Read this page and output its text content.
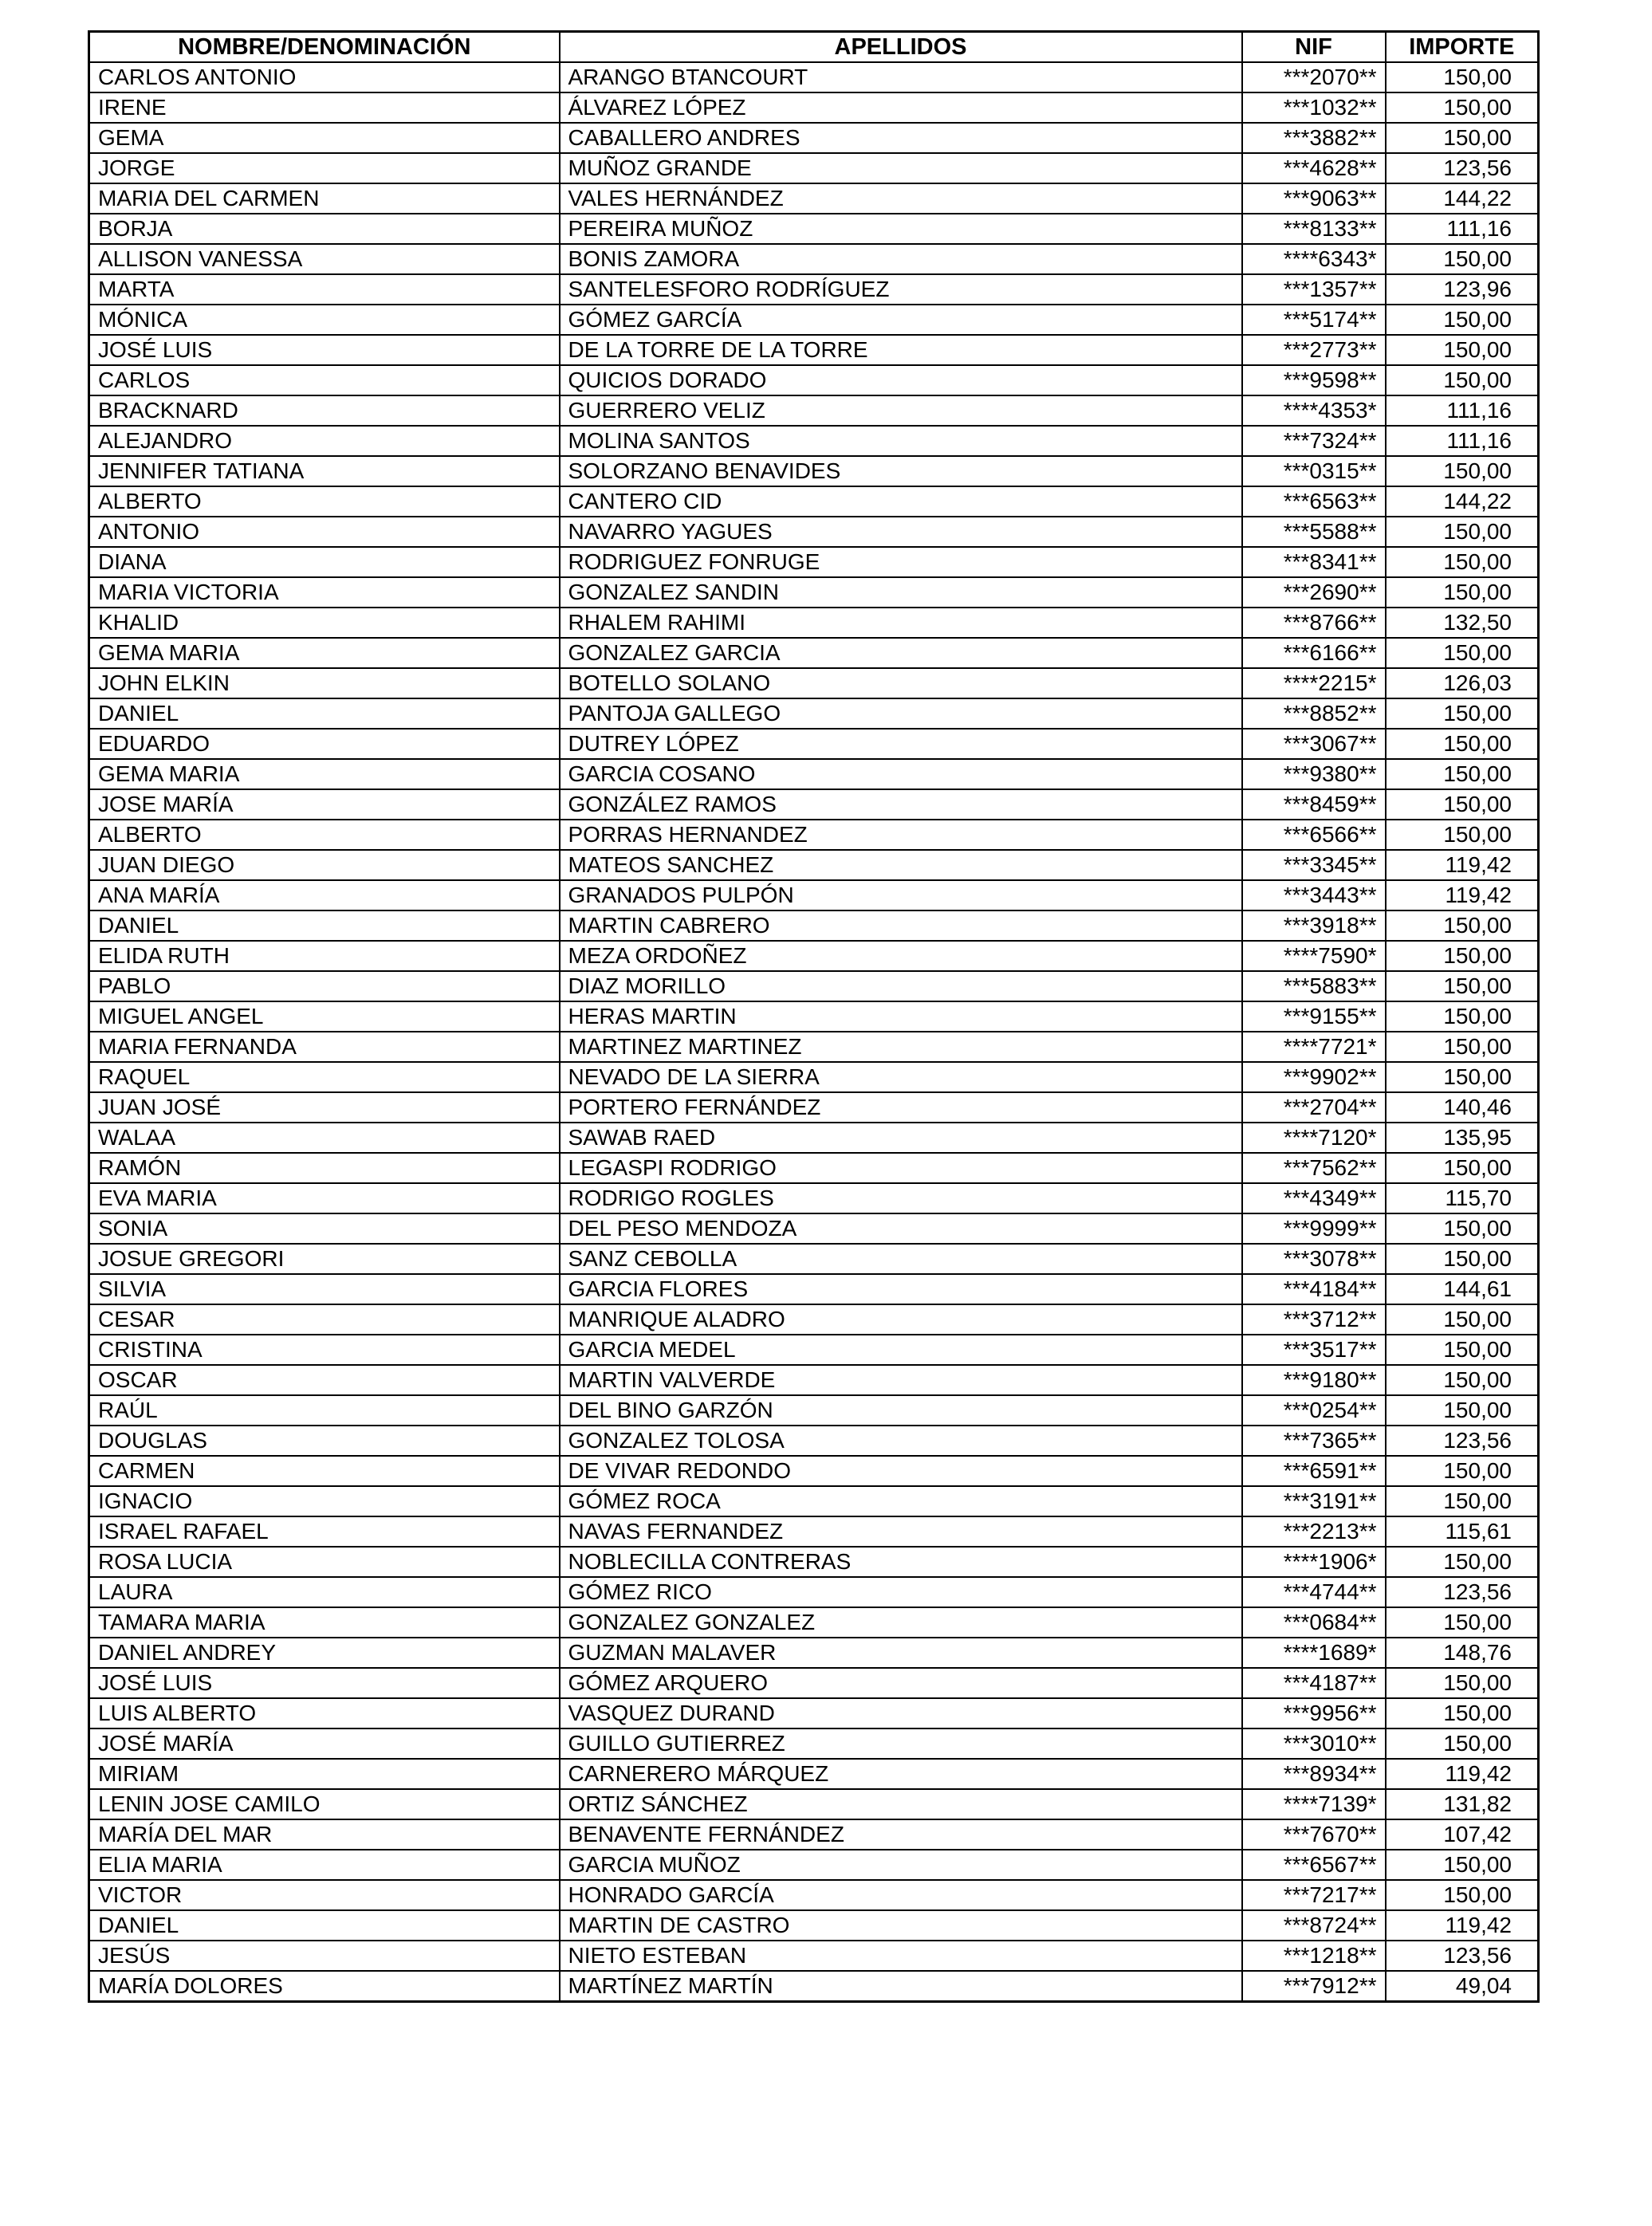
NOMBRE/DENOMINACIÓN	APELLIDOS	NIF	IMPORTE
CARLOS ANTONIO	ARANGO BTANCOURT	***2070**	150,00
IRENE	ÁLVAREZ LÓPEZ	***1032**	150,00
GEMA	CABALLERO ANDRES	***3882**	150,00
JORGE	MUÑOZ GRANDE	***4628**	123,56
MARIA DEL CARMEN	VALES HERNÁNDEZ	***9063**	144,22
BORJA	PEREIRA MUÑOZ	***8133**	111,16
ALLISON VANESSA	BONIS ZAMORA	****6343*	150,00
MARTA	SANTELESFORO RODRÍGUEZ	***1357**	123,96
MÓNICA	GÓMEZ GARCÍA	***5174**	150,00
JOSÉ LUIS	DE LA TORRE DE LA TORRE	***2773**	150,00
CARLOS	QUICIOS DORADO	***9598**	150,00
BRACKNARD	GUERRERO VELIZ	****4353*	111,16
ALEJANDRO	MOLINA SANTOS	***7324**	111,16
JENNIFER TATIANA	SOLORZANO BENAVIDES	***0315**	150,00
ALBERTO	CANTERO CID	***6563**	144,22
ANTONIO	NAVARRO YAGUES	***5588**	150,00
DIANA	RODRIGUEZ FONRUGE	***8341**	150,00
MARIA VICTORIA	GONZALEZ SANDIN	***2690**	150,00
KHALID	RHALEM RAHIMI	***8766**	132,50
GEMA MARIA	GONZALEZ GARCIA	***6166**	150,00
JOHN ELKIN	BOTELLO SOLANO	****2215*	126,03
DANIEL	PANTOJA GALLEGO	***8852**	150,00
EDUARDO	DUTREY LÓPEZ	***3067**	150,00
GEMA MARIA	GARCIA COSANO	***9380**	150,00
JOSE MARÍA	GONZÁLEZ RAMOS	***8459**	150,00
ALBERTO	PORRAS HERNANDEZ	***6566**	150,00
JUAN DIEGO	MATEOS SANCHEZ	***3345**	119,42
ANA MARÍA	GRANADOS PULPÓN	***3443**	119,42
DANIEL	MARTIN CABRERO	***3918**	150,00
ELIDA RUTH	MEZA ORDOÑEZ	****7590*	150,00
PABLO	DIAZ MORILLO	***5883**	150,00
MIGUEL ANGEL	HERAS MARTIN	***9155**	150,00
MARIA FERNANDA	MARTINEZ MARTINEZ	****7721*	150,00
RAQUEL	NEVADO DE LA SIERRA	***9902**	150,00
JUAN JOSÉ	PORTERO FERNÁNDEZ	***2704**	140,46
WALAA	SAWAB RAED	****7120*	135,95
RAMÓN	LEGASPI RODRIGO	***7562**	150,00
EVA MARIA	RODRIGO ROGLES	***4349**	115,70
SONIA	DEL PESO MENDOZA	***9999**	150,00
JOSUE GREGORI	SANZ CEBOLLA	***3078**	150,00
SILVIA	GARCIA FLORES	***4184**	144,61
CESAR	MANRIQUE ALADRO	***3712**	150,00
CRISTINA	GARCIA MEDEL	***3517**	150,00
OSCAR	MARTIN VALVERDE	***9180**	150,00
RAÚL	DEL BINO GARZÓN	***0254**	150,00
DOUGLAS	GONZALEZ TOLOSA	***7365**	123,56
CARMEN	DE VIVAR REDONDO	***6591**	150,00
IGNACIO	GÓMEZ ROCA	***3191**	150,00
ISRAEL RAFAEL	NAVAS FERNANDEZ	***2213**	115,61
ROSA LUCIA	NOBLECILLA CONTRERAS	****1906*	150,00
LAURA	GÓMEZ RICO	***4744**	123,56
TAMARA MARIA	GONZALEZ GONZALEZ	***0684**	150,00
DANIEL ANDREY	GUZMAN MALAVER	****1689*	148,76
JOSÉ LUIS	GÓMEZ ARQUERO	***4187**	150,00
LUIS ALBERTO	VASQUEZ DURAND	***9956**	150,00
JOSÉ MARÍA	GUILLO GUTIERREZ	***3010**	150,00
MIRIAM	CARNERERO MÁRQUEZ	***8934**	119,42
LENIN JOSE CAMILO	ORTIZ SÁNCHEZ	****7139*	131,82
MARÍA DEL MAR	BENAVENTE FERNÁNDEZ	***7670**	107,42
ELIA MARIA	GARCIA MUÑOZ	***6567**	150,00
VICTOR	HONRADO GARCÍA	***7217**	150,00
DANIEL	MARTIN DE CASTRO	***8724**	119,42
JESÚS	NIETO ESTEBAN	***1218**	123,56
MARÍA DOLORES	MARTÍNEZ MARTÍN	***7912**	49,04
